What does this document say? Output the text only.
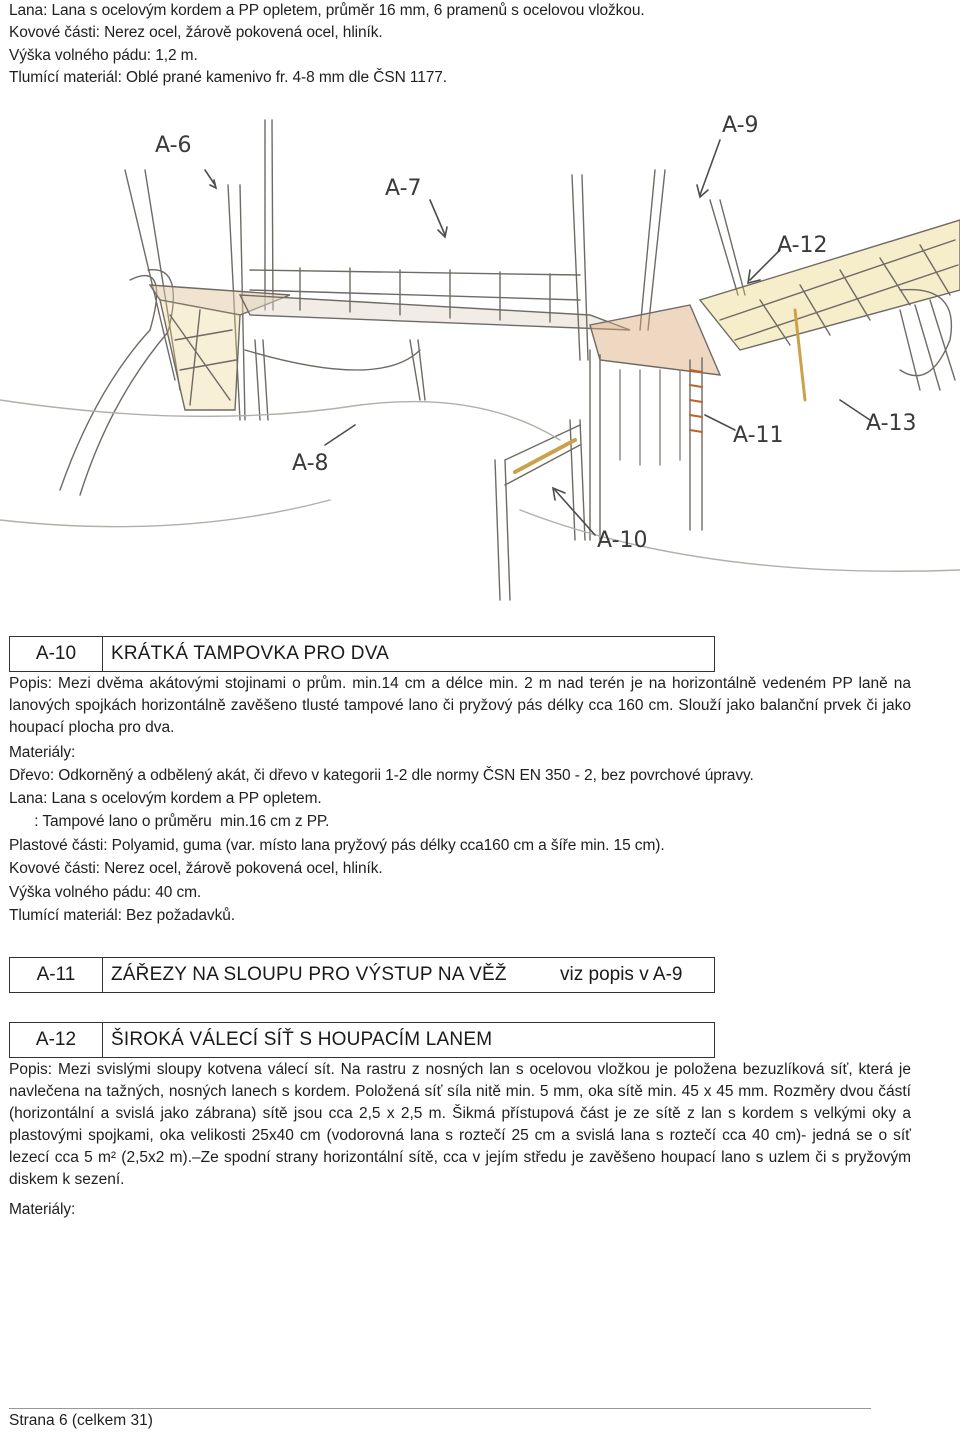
Lana: Lana s ocelovým kordem a PP opletem, průměr 16 mm, 6 pramenů s ocelovou vložkou.
Kovové části: Nerez ocel, žárově pokovená ocel, hliník.
Výška volného pádu: 1,2 m.
Tlumící materiál: Oblé prané kamenivo fr. 4-8 mm dle ČSN 1177.
A-6
A-7
A-9
A-12
A-13
A-11
A-8
A-10
A-10	KRÁTKÁ TAMPOVKA PRO DVA
Popis: Mezi dvěma akátovými stojinami o prům. min.14 cm a délce min. 2 m nad terén je na horizontálně vedeném PP laně na lanových spojkách horizontálně zavěšeno tlusté tampové lano či pryžový pás délky cca 160 cm. Slouží jako balanční prvek či jako houpací plocha pro dva.
Materiály:
Dřevo: Odkorněný a odbělený akát, či dřevo v kategorii 1-2 dle normy ČSN EN 350 - 2, bez povrchové úpravy.
Lana: Lana s ocelovým kordem a PP opletem.
: Tampové lano o průměru  min.16 cm z PP.
Plastové části: Polyamid, guma (var. místo lana pryžový pás délky cca160 cm a šíře min. 15 cm).
Kovové části: Nerez ocel, žárově pokovená ocel, hliník.
Výška volného pádu: 40 cm.
Tlumící materiál: Bez požadavků.
A-11	ZÁŘEZY NA SLOUPU PRO VÝSTUP NA VĚŽ	viz popis v A-9
A-12	ŠIROKÁ VÁLECÍ SÍŤ S HOUPACÍM LANEM
Popis: Mezi svislými sloupy kotvena válecí sít. Na rastru z nosných lan s ocelovou vložkou je položena bezuzlíková síť, která je navlečena na tažných, nosných lanech s kordem. Položená síť síla nitě min. 5 mm, oka sítě min. 45 x 45 mm. Rozměry dvou částí (horizontální a svislá jako zábrana) sítě jsou cca 2,5 x 2,5 m. Šikmá přístupová část je ze sítě z lan s kordem s velkými oky a plastovými spojkami, oka velikosti 25x40 cm (vodorovná lana s roztečí 25 cm a svislá lana s roztečí cca 40 cm)- jedná se o síť lezecí cca 5 m² (2,5x2 m).–Ze spodní strany horizontální sítě, cca v jejím středu je zavěšeno houpací lano s uzlem či s pryžovým diskem k sezení.
Materiály:
Strana 6 (celkem 31)
